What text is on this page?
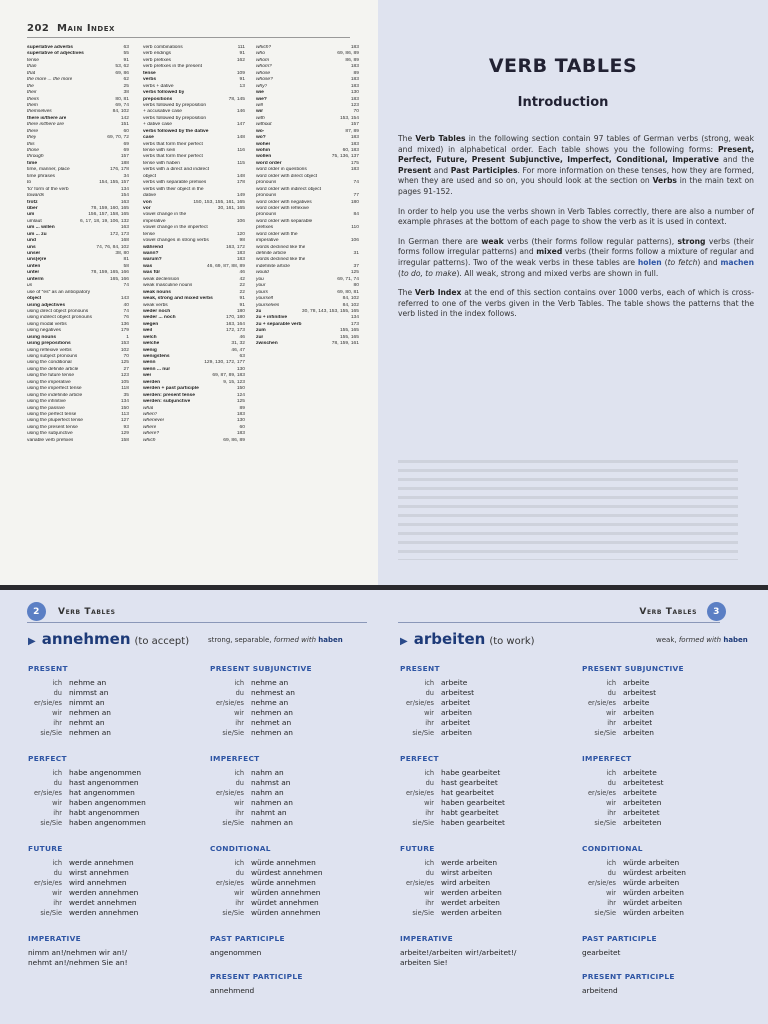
202 Main Index
superlative adverbs	63
superlative of adjectives	55
tense	91
than	53, 62
that	69, 86
the more ... the more	62
the	25
their	38
theirs	80, 81
them	69, 74
themselves	84, 102
there is/there are	142
there is/there are	151
there	60
they	69, 70, 72
this	69
those	69
through	157
time	188
time, manner, place	176, 178
time phrases	34
to	154, 155, 157
'to' form of the verb	134
towards	154
trotz	163
über	78, 159, 160, 165
um	156, 157, 158, 165
umlaut	6, 17, 18, 19, 106, 132
um ... willen	163
um ... zu	172, 173
und	168
uns	74, 76, 84, 102
unser	38, 80
uns(e)re	81
unten	58
unter	78, 159, 165, 166
unterm	165, 166
us	74
use of "es" as an anticipatory
object	143
using adjectives	40
using direct object pronouns	74
using indirect object pronouns	76
using modal verbs	136
using negatives	179
using nouns	1
using prepositions	153
using reflexive verbs	102
using subject pronouns	70
using the conditional	125
using the definite article	27
using the future tense	123
using the imperative	105
using the imperfect tense	118
using the indefinite article	35
using the infinitive	134
using the passive	150
using the perfect tense	113
using the pluperfect tense	127
using the present tense	93
using the subjunctive	129
variable verb prefixes	158
verb combinations	111
verb endings	91
verb prefixes	162
verb prefixes in the present
tense	109
verbs	91
verbs + dative	13
verbs followed by
prepositions	78, 145
verbs followed by preposition
+ accusative case	146
verbs followed by preposition
+ dative case	147
verbs followed by the dative
case	148
verbs that form their perfect
tense with sein	116
verbs that form their perfect
tense with haben	115
verbs with a direct and indirect
object	148
verbs with separable prefixes	178
verbs with their object in the
dative	149
von	150, 153, 155, 161, 165
vor	30, 161, 165
vowel change in the
imperative	106
vowel change in the imperfect
tense	120
vowel changes in strong verbs	98
während	163, 172
wann?	183
warum?	183
was	46, 69, 87, 88, 89
was für	46
weak declension	42
weak masculine nouns	22
weak nouns	22
weak, strong and mixed verbs	91
weak verbs	91
weder noch	180
weder ... noch	170, 180
wegen	163, 164
weil	172, 173
welch	46
welche	31, 32
wenig	46, 47
wenigstens	63
wenn	129, 130, 172, 177
wenn ... nur	130
wer	69, 87, 89, 183
werden	9, 15, 123
werden + past participle	150
werden: present tense	124
werden: subjunctive	125
what	89
when?	183
whenever	130
where	60
where?	183
which	69, 86, 89
which?	183
who	69, 86, 89
whom	86, 89
whom?	183
whose	89
whose?	183
why?	183
wie	130
wie?	183
will	123
wir	70
with	153, 154
without	157
wo-	87, 89
wo?	183
woher	183
wohin	60, 183
wollen	75, 136, 137
word order	175
word order in questions	183
word order with direct object
pronouns	74
word order with indirect object
pronouns	77
word order with negatives	180
word order with reflexive
pronouns	84
word order with separable
prefixes	110
word order with the
imperative	106
words declined like the
definite article	31
words declined like the
indefinite article	37
would	125
you	69, 71, 74
your	80
yours	69, 80, 81
yourself	84, 102
yourselves	84, 102
zu	30, 78, 143, 153, 155, 165
zu + infinitive	134
zu + separable verb	173
zum	155, 165
zur	155, 165
zwischen	78, 159, 161
VERB TABLES
Introduction

The Verb Tables in the following section contain 97 tables of German verbs (strong, weak and mixed) in alphabetical order. Each table shows you the following forms: Present, Perfect, Future, Present Subjunctive, Imperfect, Conditional, Imperative and the Present and Past Participles. For more information on these tenses, how they are formed, when they are used and so on, you should look at the section on Verbs in the main text on pages 91-152.

In order to help you use the verbs shown in Verb Tables correctly, there are also a number of example phrases at the bottom of each page to show the verb as it is used in context.

In German there are weak verbs (their forms follow regular patterns), strong verbs (their forms follow irregular patterns) and mixed verbs (their forms follow a mixture of regular and irregular patterns). Two of the weak verbs in these tables are holen (to fetch) and machen (to do, to make). All weak, strong and mixed verbs are shown in full.

The Verb Index at the end of this section contains over 1000 verbs, each of which is cross-referred to one of the verbs given in the Verb Tables. The table shows the patterns that the verb listed in the index follows.

2	Verb Tables
▶ annehmen (to accept)	strong, separable, formed with haben
PRESENT
ich nehme an
du nimmst an
er/sie/es nimmt an
wir nehmen an
ihr nehmt an
sie/Sie nehmen an
PRESENT SUBJUNCTIVE
ich nehme an
du nehmest an
er/sie/es nehme an
wir nehmen an
ihr nehmet an
sie/Sie nehmen an
PERFECT
ich habe angenommen
du hast angenommen
er/sie/es hat angenommen
wir haben angenommen
ihr habt angenommen
sie/Sie haben angenommen
IMPERFECT
ich nahm an
du nahmst an
er/sie/es nahm an
wir nahmen an
ihr nahmt an
sie/Sie nahmen an
FUTURE
ich werde annehmen
du wirst annehmen
er/sie/es wird annehmen
wir werden annehmen
ihr werdet annehmen
sie/Sie werden annehmen
CONDITIONAL
ich würde annehmen
du würdest annehmen
er/sie/es würde annehmen
wir würden annehmen
ihr würdet annehmen
sie/Sie würden annehmen
IMPERATIVE
nimm an!/nehmen wir an!/
nehmt an!/nehmen Sie an!
PAST PARTICIPLE
angenommen
PRESENT PARTICIPLE
annehmend
Verb Tables	3
▶ arbeiten (to work)	weak, formed with haben
PRESENT
ich arbeite
du arbeitest
er/sie/es arbeitet
wir arbeiten
ihr arbeitet
sie/Sie arbeiten
PRESENT SUBJUNCTIVE
ich arbeite
du arbeitest
er/sie/es arbeite
wir arbeiten
ihr arbeitet
sie/Sie arbeiten
PERFECT
ich habe gearbeitet
du hast gearbeitet
er/sie/es hat gearbeitet
wir haben gearbeitet
ihr habt gearbeitet
sie/Sie haben gearbeitet
IMPERFECT
ich arbeitete
du arbeitetest
er/sie/es arbeitete
wir arbeiteten
ihr arbeitetet
sie/Sie arbeiteten
FUTURE
ich werde arbeiten
du wirst arbeiten
er/sie/es wird arbeiten
wir werden arbeiten
ihr werdet arbeiten
sie/Sie werden arbeiten
CONDITIONAL
ich würde arbeiten
du würdest arbeiten
er/sie/es würde arbeiten
wir würden arbeiten
ihr würdet arbeiten
sie/Sie würden arbeiten
IMPERATIVE
arbeite!/arbeiten wir!/arbeitet!/
arbeiten Sie!
PAST PARTICIPLE
gearbeitet
PRESENT PARTICIPLE
arbeitend
